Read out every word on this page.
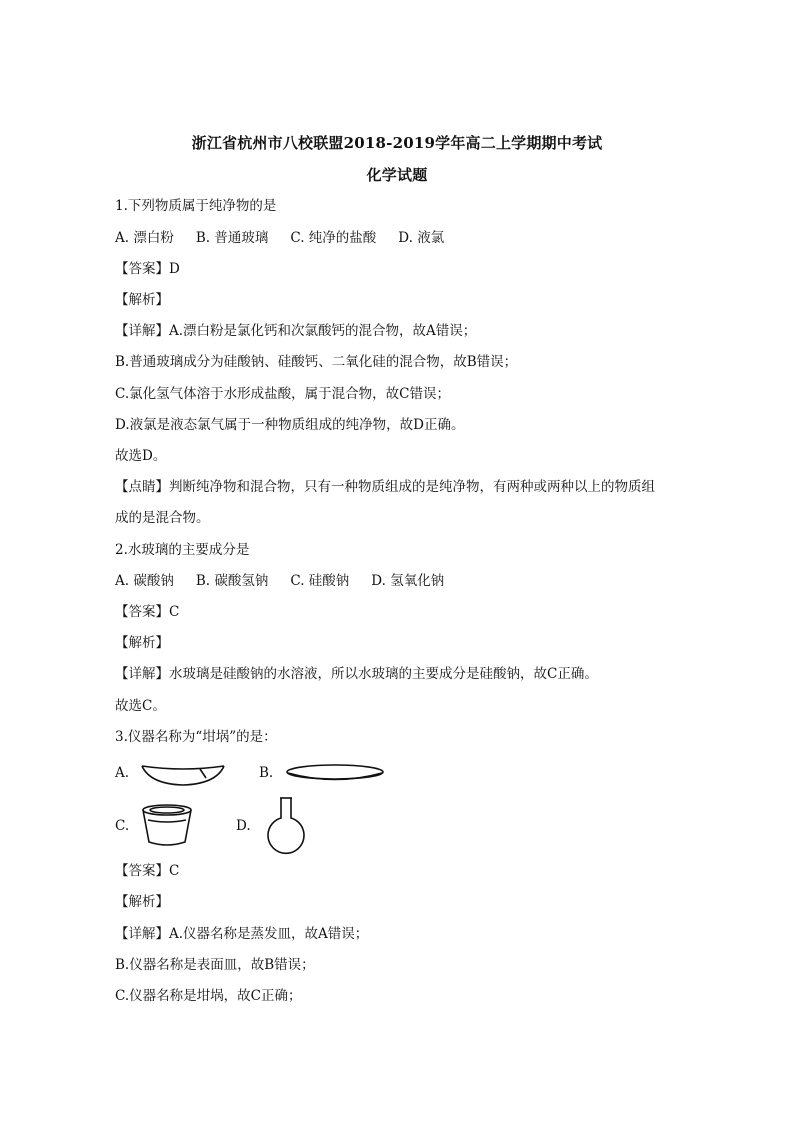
浙江省杭州市八校联盟2018-2019学年高二上学期期中考试
化学试题
1.下列物质属于纯净物的是
A. 漂白粉 B. 普通玻璃 C. 纯净的盐酸 D. 液氯
【答案】D
【解析】
【详解】A.漂白粉是氯化钙和次氯酸钙的混合物，故A错误；
B.普通玻璃成分为硅酸钠、硅酸钙、二氧化硅的混合物，故B错误；
C.氯化氢气体溶于水形成盐酸，属于混合物，故C错误；
D.液氯是液态氯气属于一种物质组成的纯净物，故D正确。
故选D。
【点睛】判断纯净物和混合物，只有一种物质组成的是纯净物，有两种或两种以上的物质组
成的是混合物。
2.水玻璃的主要成分是
A. 碳酸钠 B. 碳酸氢钠 C. 硅酸钠 D. 氢氧化钠
【答案】C
【解析】
【详解】水玻璃是硅酸钠的水溶液，所以水玻璃的主要成分是硅酸钠，故C正确。
故选C。
3.仪器名称为“坩埚”的是：
A.	B.
C.	D.
【答案】C
【解析】
【详解】A.仪器名称是蒸发皿，故A错误；
B.仪器名称是表面皿，故B错误；
C.仪器名称是坩埚，故C正确；
